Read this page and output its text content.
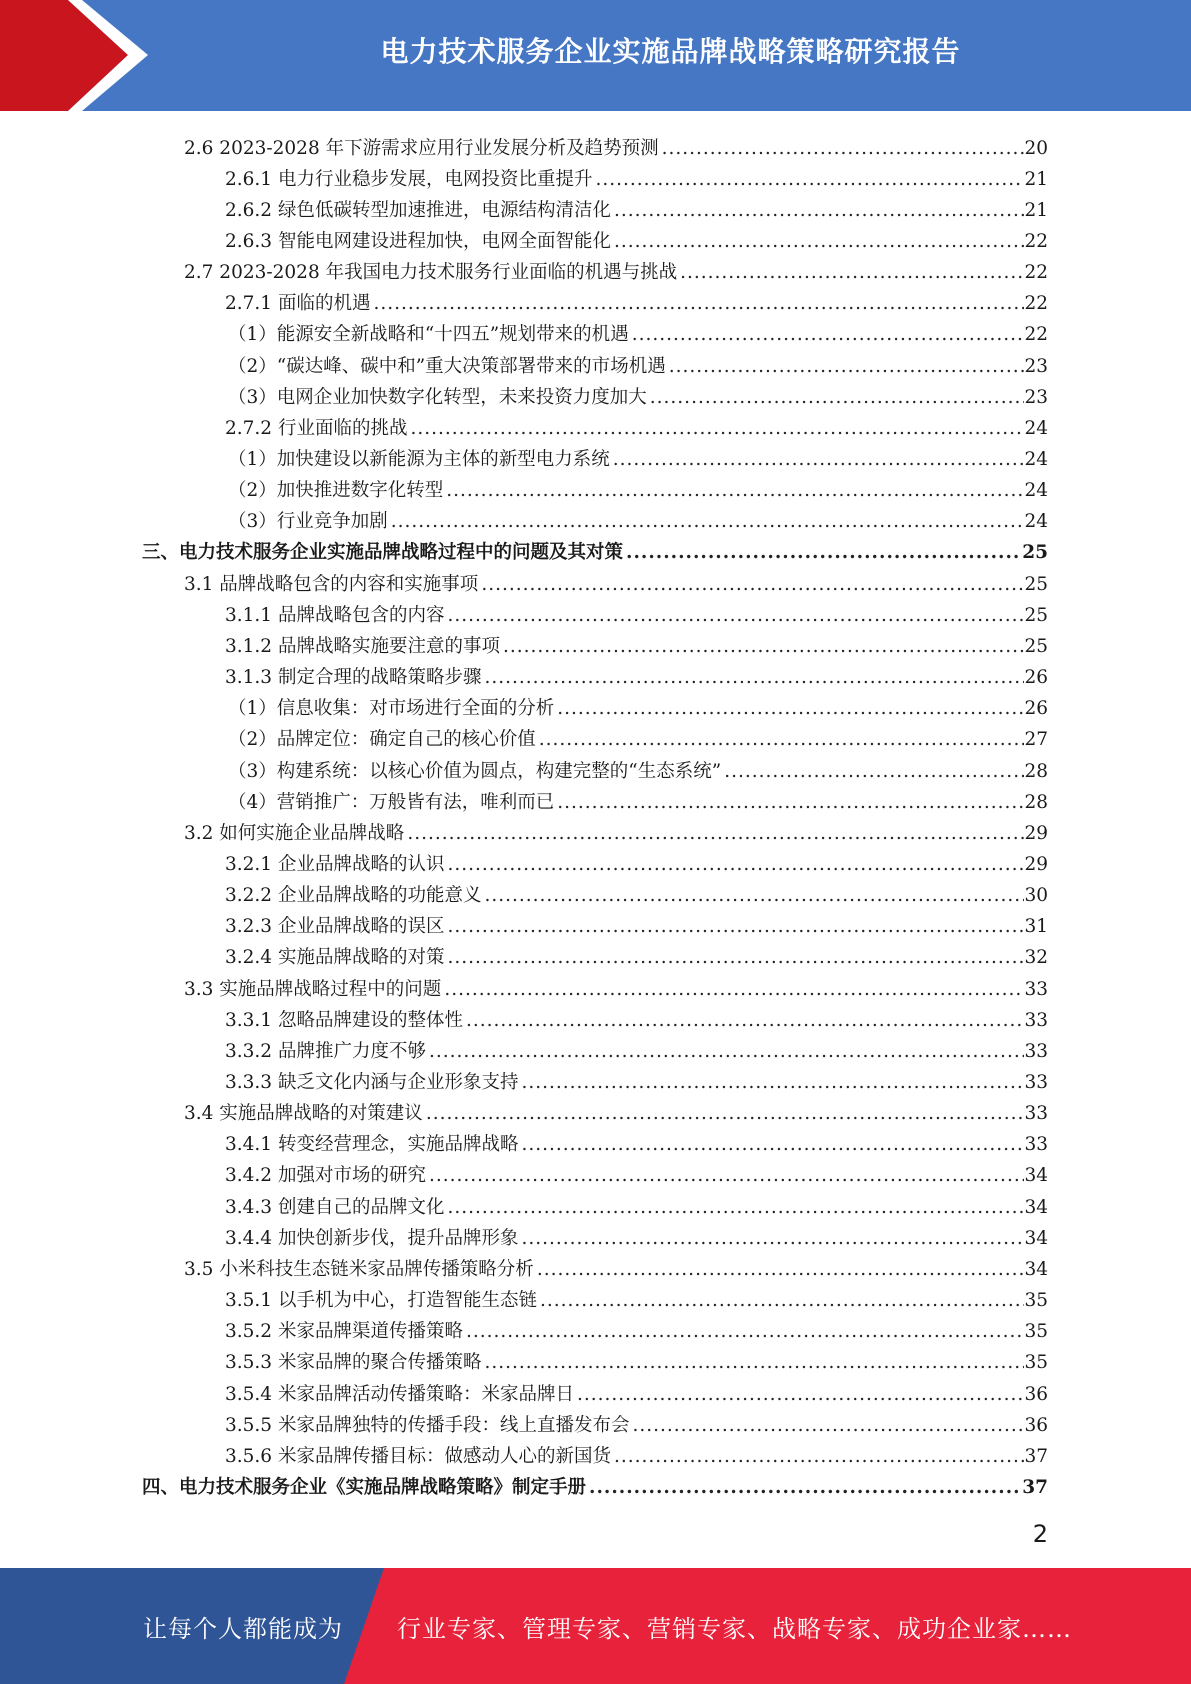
电力技术服务企业实施品牌战略策略研究报告
2.6 2023-2028 年下游需求应用行业发展分析及趋势预测 .....	20
2.6.1 电力行业稳步发展，电网投资比重提升 .....	21
2.6.2 绿色低碳转型加速推进，电源结构清洁化 .....	21
2.6.3 智能电网建设进程加快，电网全面智能化 .....	22
2.7 2023-2028 年我国电力技术服务行业面临的机遇与挑战 .....	22
2.7.1 面临的机遇 .....	22
（1）能源安全新战略和“十四五”规划带来的机遇 .....	22
（2）“碳达峰、碳中和”重大决策部署带来的市场机遇 .....	23
（3）电网企业加快数字化转型，未来投资力度加大 .....	23
2.7.2 行业面临的挑战 .....	24
（1）加快建设以新能源为主体的新型电力系统 .....	24
（2）加快推进数字化转型 .....	24
（3）行业竞争加剧 .....	24
三、电力技术服务企业实施品牌战略过程中的问题及其对策 .....	25
3.1 品牌战略包含的内容和实施事项 .....	25
3.1.1 品牌战略包含的内容 .....	25
3.1.2 品牌战略实施要注意的事项 .....	25
3.1.3 制定合理的战略策略步骤 .....	26
（1）信息收集：对市场进行全面的分析 .....	26
（2）品牌定位：确定自己的核心价值 .....	27
（3）构建系统：以核心价值为圆点，构建完整的“生态系统” .....	28
（4）营销推广：万般皆有法，唯利而已 .....	28
3.2 如何实施企业品牌战略 .....	29
3.2.1 企业品牌战略的认识 .....	29
3.2.2 企业品牌战略的功能意义 .....	30
3.2.3 企业品牌战略的误区 .....	31
3.2.4 实施品牌战略的对策 .....	32
3.3 实施品牌战略过程中的问题 .....	33
3.3.1 忽略品牌建设的整体性 .....	33
3.3.2 品牌推广力度不够 .....	33
3.3.3 缺乏文化内涵与企业形象支持 .....	33
3.4 实施品牌战略的对策建议 .....	33
3.4.1 转变经营理念，实施品牌战略 .....	33
3.4.2 加强对市场的研究 .....	34
3.4.3 创建自己的品牌文化 .....	34
3.4.4 加快创新步伐，提升品牌形象 .....	34
3.5 小米科技生态链米家品牌传播策略分析 .....	34
3.5.1 以手机为中心，打造智能生态链 .....	35
3.5.2 米家品牌渠道传播策略 .....	35
3.5.3 米家品牌的聚合传播策略 .....	35
3.5.4 米家品牌活动传播策略：米家品牌日 .....	36
3.5.5 米家品牌独特的传播手段：线上直播发布会 .....	36
3.5.6 米家品牌传播目标：做感动人心的新国货 .....	37
四、电力技术服务企业《实施品牌战略策略》制定手册 .....	37
2
让每个人都能成为 行业专家、管理专家、营销专家、战略专家、成功企业家……
